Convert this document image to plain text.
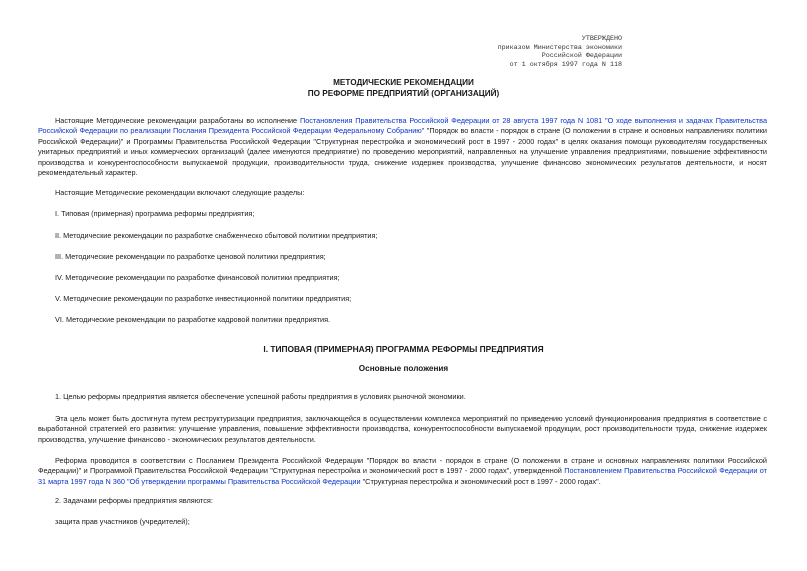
УТВЕРЖДЕНО
приказом Министерства экономики
Российской Федерации
от 1 октября 1997 года N 118
МЕТОДИЧЕСКИЕ РЕКОМЕНДАЦИИ
ПО РЕФОРМЕ ПРЕДПРИЯТИЙ (ОРГАНИЗАЦИЙ)
Настоящие Методические рекомендации разработаны во исполнение Постановления Правительства Российской Федерации от 28 августа 1997 года N 1081 "О ходе выполнения и задачах Правительства Российской Федерации по реализации Послания Президента Российской Федерации Федеральному Собранию" "Порядок во власти - порядок в стране (О положении в стране и основных направлениях политики Российской Федерации)" и Программы Правительства Российской Федерации "Структурная перестройка и экономический рост в 1997 - 2000 годах" в целях оказания помощи руководителям государственных унитарных предприятий и иных коммерческих организаций (далее именуются предприятие) по проведению мероприятий, направленных на улучшение управления предприятиями, повышение эффективности производства и конкурентоспособности выпускаемой продукции, производительности труда, снижение издержек производства, улучшение финансово экономических результатов деятельности, и носят рекомендательный характер.
Настоящие Методические рекомендации включают следующие разделы:
I. Типовая (примерная) программа реформы предприятия;
II. Методические рекомендации по разработке снабженческо сбытовой политики предприятия;
III. Методические рекомендации по разработке ценовой политики предприятия;
IV. Методические рекомендации по разработке финансовой политики предприятия;
V. Методические рекомендации по разработке инвестиционной политики предприятия;
VI. Методические рекомендации по разработке кадровой политики предприятия.
I. ТИПОВАЯ (ПРИМЕРНАЯ) ПРОГРАММА РЕФОРМЫ ПРЕДПРИЯТИЯ
Основные положения
1. Целью реформы предприятия является обеспечение успешной работы предприятия в условиях рыночной экономики.
Эта цель может быть достигнута путем реструктуризации предприятия, заключающейся в осуществлении комплекса мероприятий по приведению условий функционирования предприятия в соответствие с выработанной стратегией его развития: улучшение управления, повышение эффективности производства, конкурентоспособности выпускаемой продукции, рост производительности труда, снижение издержек производства, улучшение финансово - экономических результатов деятельности.
Реформа проводится в соответствии с Посланием Президента Российской Федерации "Порядок во власти - порядок в стране (О положении в стране и основных направлениях политики Российской Федерации)" и Программой Правительства Российской Федерации "Структурная перестройка и экономический рост в 1997 - 2000 годах", утвержденной Постановлением Правительства Российской Федерации от 31 марта 1997 года N 360 "Об утверждении программы Правительства Российской Федерации "Структурная перестройка и экономический рост в 1997 - 2000 годах".
2. Задачами реформы предприятия являются:
защита прав участников (учредителей);
